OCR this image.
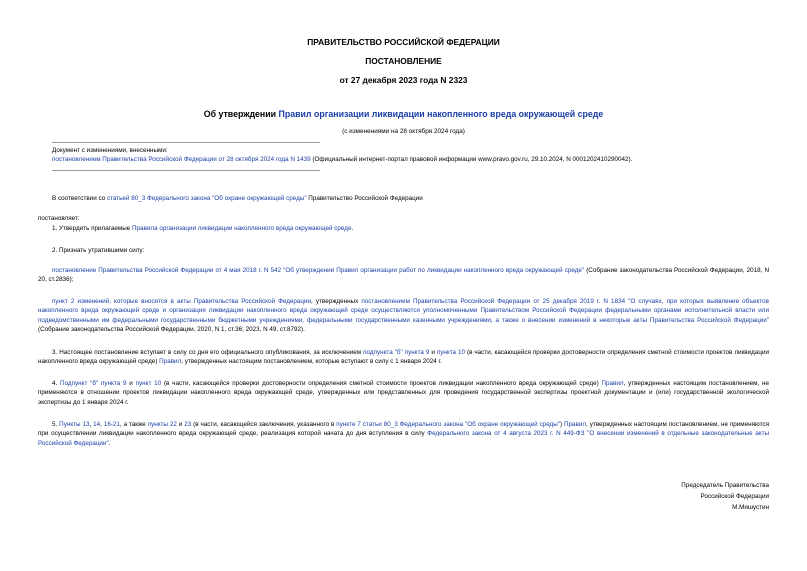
ПРАВИТЕЛЬСТВО РОССИЙСКОЙ ФЕДЕРАЦИИ
ПОСТАНОВЛЕНИЕ
от 27 декабря 2023 года N 2323
Об утверждении Правил организации ликвидации накопленного вреда окружающей среде
(с изменениями на 28 октября 2024 года)
Документ с изменениями, внесенными:
постановлением Правительства Российской Федерации от 28 октября 2024 года N 1439 (Официальный интернет-портал правовой информации www.pravo.gov.ru, 29.10.2024, N 0001202410290042).
В соответствии со статьей 80_3 Федерального закона "Об охране окружающей среды" Правительство Российской Федерации
постановляет:
1. Утвердить прилагаемые Правила организации ликвидации накопленного вреда окружающей среде.
2. Признать утратившими силу:
постановление Правительства Российской Федерации от 4 мая 2018 г. N 542 "Об утверждении Правил организации работ по ликвидации накопленного вреда окружающей среде" (Собрание законодательства Российской Федерации, 2018, N 20, ст.2836);
пункт 2 изменений, которые вносятся в акты Правительства Российской Федерации, утвержденных постановлением Правительства Российской Федерации от 25 декабря 2019 г. N 1834 "О случаях, при которых выявление объектов накопленного вреда окружающей среде и организация ликвидации накопленного вреда окружающей среде осуществляются уполномоченными Правительством Российской Федерации федеральными органами исполнительной власти или подведомственными им федеральными государственными бюджетными учреждениями, федеральными государственными казенными учреждениями, а также о внесении изменений в некоторые акты Правительства Российской Федерации" (Собрание законодательства Российской Федерации, 2020, N 1, ст.36; 2023, N 49, ст.8792).
3. Настоящее постановление вступает в силу со дня его официального опубликования, за исключением подпункта "б" пункта 9 и пункта 10 (в части, касающейся проверки достоверности определения сметной стоимости проектов ликвидации накопленного вреда окружающей среде) Правил, утвержденных настоящим постановлением, которые вступают в силу с 1 января 2024 г.
4. Подпункт "б" пункта 9 и пункт 10 (в части, касающейся проверки достоверности определения сметной стоимости проектов ликвидации накопленного вреда окружающей среде) Правил, утвержденных настоящим постановлением, не применяются в отношении проектов ликвидации накопленного вреда окружающей среде, утвержденных или представленных для проведения государственной экспертизы проектной документации и (или) государственной экологической экспертизы до 1 января 2024 г.
5. Пункты 13, 14, 16-21, а также пункты 22 и 23 (в части, касающейся заключения, указанного в пункте 7 статьи 80_3 Федерального закона "Об охране окружающей среды") Правил, утвержденных настоящим постановлением, не применяются при осуществлении ликвидации накопленного вреда окружающей среде, реализация которой начата до дня вступления в силу Федерального закона от 4 августа 2023 г. N 449-ФЗ "О внесении изменений в отдельные законодательные акты Российской Федерации".
Председатель Правительства
Российской Федерации
М.Мишустин
